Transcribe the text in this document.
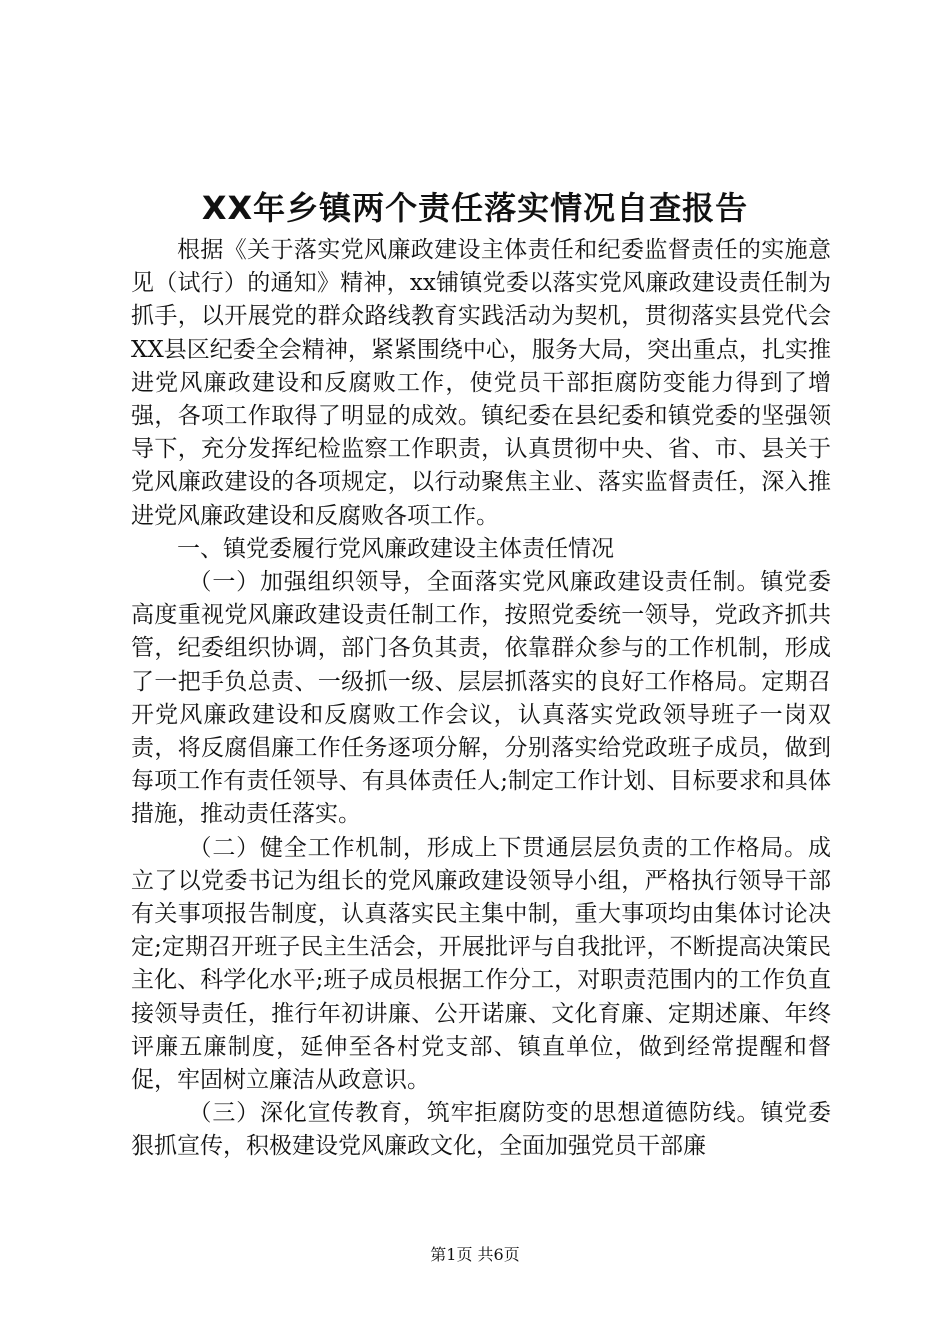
XX年乡镇两个责任落实情况自查报告

根据《关于落实党风廉政建设主体责任和纪委监督责任的实施意见（试行）的通知》精神，xx铺镇党委以落实党风廉政建设责任制为抓手，以开展党的群众路线教育实践活动为契机，贯彻落实县党代会XX县区纪委全会精神，紧紧围绕中心，服务大局，突出重点，扎实推进党风廉政建设和反腐败工作，使党员干部拒腐防变能力得到了增强，各项工作取得了明显的成效。镇纪委在县纪委和镇党委的坚强领导下，充分发挥纪检监察工作职责，认真贯彻中央、省、市、县关于党风廉政建设的各项规定，以行动聚焦主业、落实监督责任，深入推进党风廉政建设和反腐败各项工作。

一、镇党委履行党风廉政建设主体责任情况

（一）加强组织领导，全面落实党风廉政建设责任制。镇党委高度重视党风廉政建设责任制工作，按照党委统一领导，党政齐抓共管，纪委组织协调，部门各负其责，依靠群众参与的工作机制，形成了一把手负总责、一级抓一级、层层抓落实的良好工作格局。定期召开党风廉政建设和反腐败工作会议，认真落实党政领导班子一岗双责，将反腐倡廉工作任务逐项分解，分别落实给党政班子成员，做到每项工作有责任领导、有具体责任人;制定工作计划、目标要求和具体措施，推动责任落实。

（二）健全工作机制，形成上下贯通层层负责的工作格局。成立了以党委书记为组长的党风廉政建设领导小组，严格执行领导干部有关事项报告制度，认真落实民主集中制，重大事项均由集体讨论决定;定期召开班子民主生活会，开展批评与自我批评，不断提高决策民主化、科学化水平;班子成员根据工作分工，对职责范围内的工作负直接领导责任，推行年初讲廉、公开诺廉、文化育廉、定期述廉、年终评廉五廉制度，延伸至各村党支部、镇直单位，做到经常提醒和督促，牢固树立廉洁从政意识。

（三）深化宣传教育，筑牢拒腐防变的思想道德防线。镇党委狠抓宣传，积极建设党风廉政文化，全面加强党员干部廉

第1页 共6页
